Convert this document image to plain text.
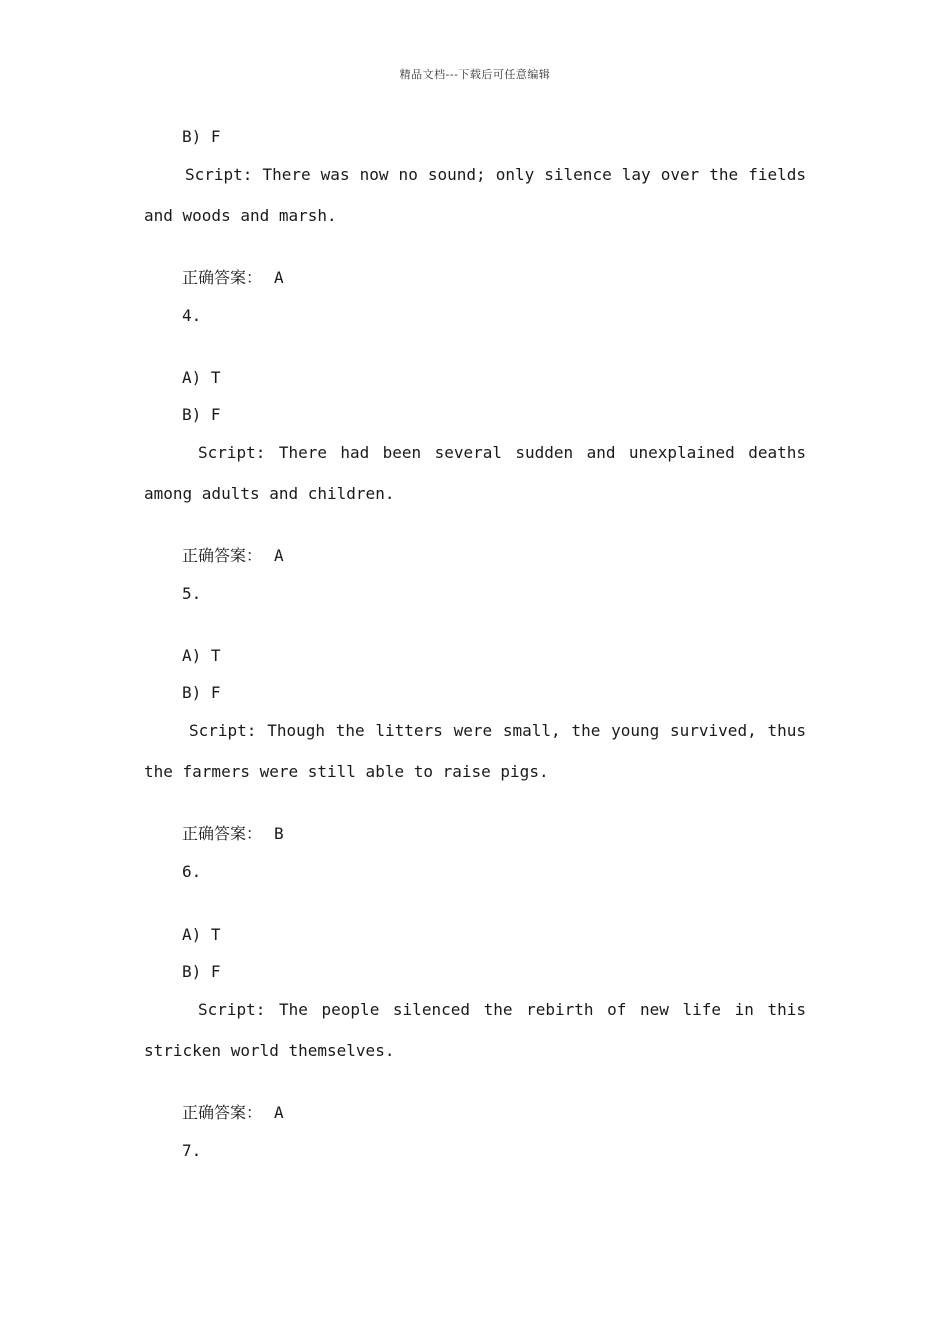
精品文档---下载后可任意编辑
B) F
Script: There was now no sound; only silence lay over the fields
and woods and marsh.
正确答案： A
4.
A) T
B) F
Script: There had been several sudden and unexplained deaths
among adults and children.
正确答案： A
5.
A) T
B) F
Script: Though the litters were small, the young survived, thus
the farmers were still able to raise pigs.
正确答案： B
6.
A) T
B) F
Script: The people silenced the rebirth of new life in this
stricken world themselves.
正确答案： A
7.
